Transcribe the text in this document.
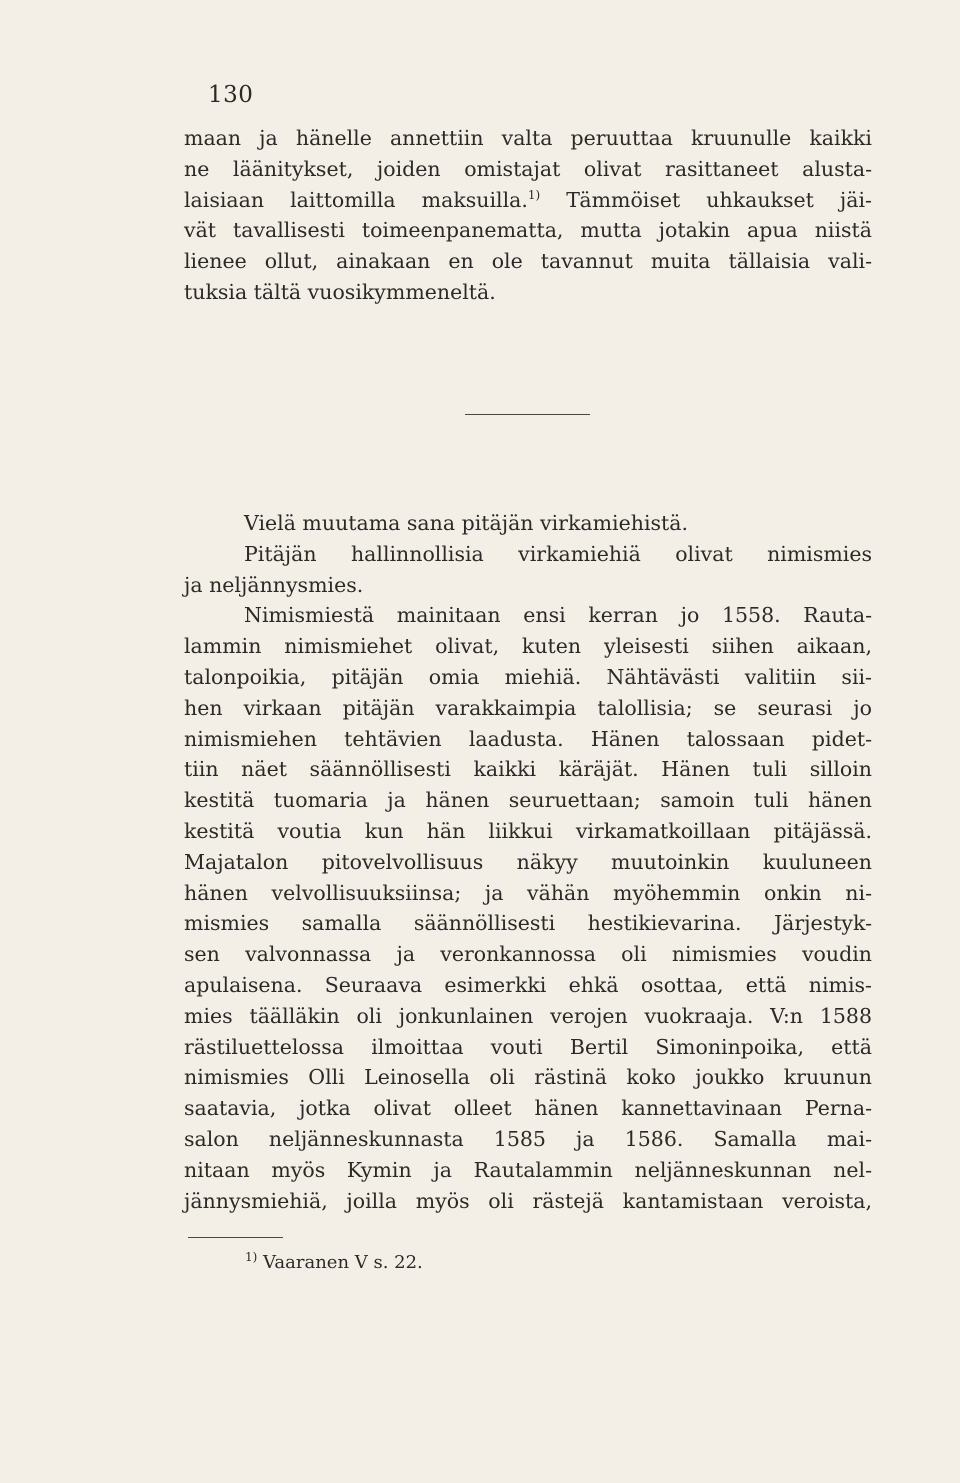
130
maan ja hänelle annettiin valta peruuttaa kruunulle kaikki
ne läänitykset, joiden omistajat olivat rasittaneet alusta-
laisiaan laittomilla maksuilla.$^{1)}$ Tämmöiset uhkaukset jäi-
vät tavallisesti toimeenpanematta, mutta jotakin apua niistä
lienee ollut, ainakaan en ole tavannut muita tällaisia vali-
tuksia tältä vuosikymmeneltä.
Vielä muutama sana pitäjän virkamiehistä.
Pitäjän hallinnollisia virkamiehiä olivat nimismies
ja neljännysmies.
Nimismiestä mainitaan ensi kerran jo 1558. Rauta-
lammin nimismiehet olivat, kuten yleisesti siihen aikaan,
talonpoikia, pitäjän omia miehiä. Nähtävästi valitiin sii-
hen virkaan pitäjän varakkaimpia talollisia; se seurasi jo
nimismiehen tehtävien laadusta. Hänen talossaan pidet-
tiin näet säännöllisesti kaikki käräjät. Hänen tuli silloin
kestitä tuomaria ja hänen seuruettaan; samoin tuli hänen
kestitä voutia kun hän liikkui virkamatkoillaan pitäjässä.
Majatalon pitovelvollisuus näkyy muutoinkin kuuluneen
hänen velvollisuuksiinsa; ja vähän myöhemmin onkin ni-
mismies samalla säännöllisesti hestikievarina. Järjestyk-
sen valvonnassa ja veronkannossa oli nimismies voudin
apulaisena. Seuraava esimerkki ehkä osottaa, että nimis-
mies täälläkin oli jonkunlainen verojen vuokraaja. V:n 1588
rästiluettelossa ilmoittaa vouti Bertil Simoninpoika, että
nimismies Olli Leinosella oli rästinä koko joukko kruunun
saatavia, jotka olivat olleet hänen kannettavinaan Perna-
salon neljänneskunnasta 1585 ja 1586. Samalla mai-
nitaan myös Kymin ja Rautalammin neljänneskunnan nel-
jännysmiehiä, joilla myös oli rästejä kantamistaan veroista,
$^{1)}$ Vaaranen V s. 22.
